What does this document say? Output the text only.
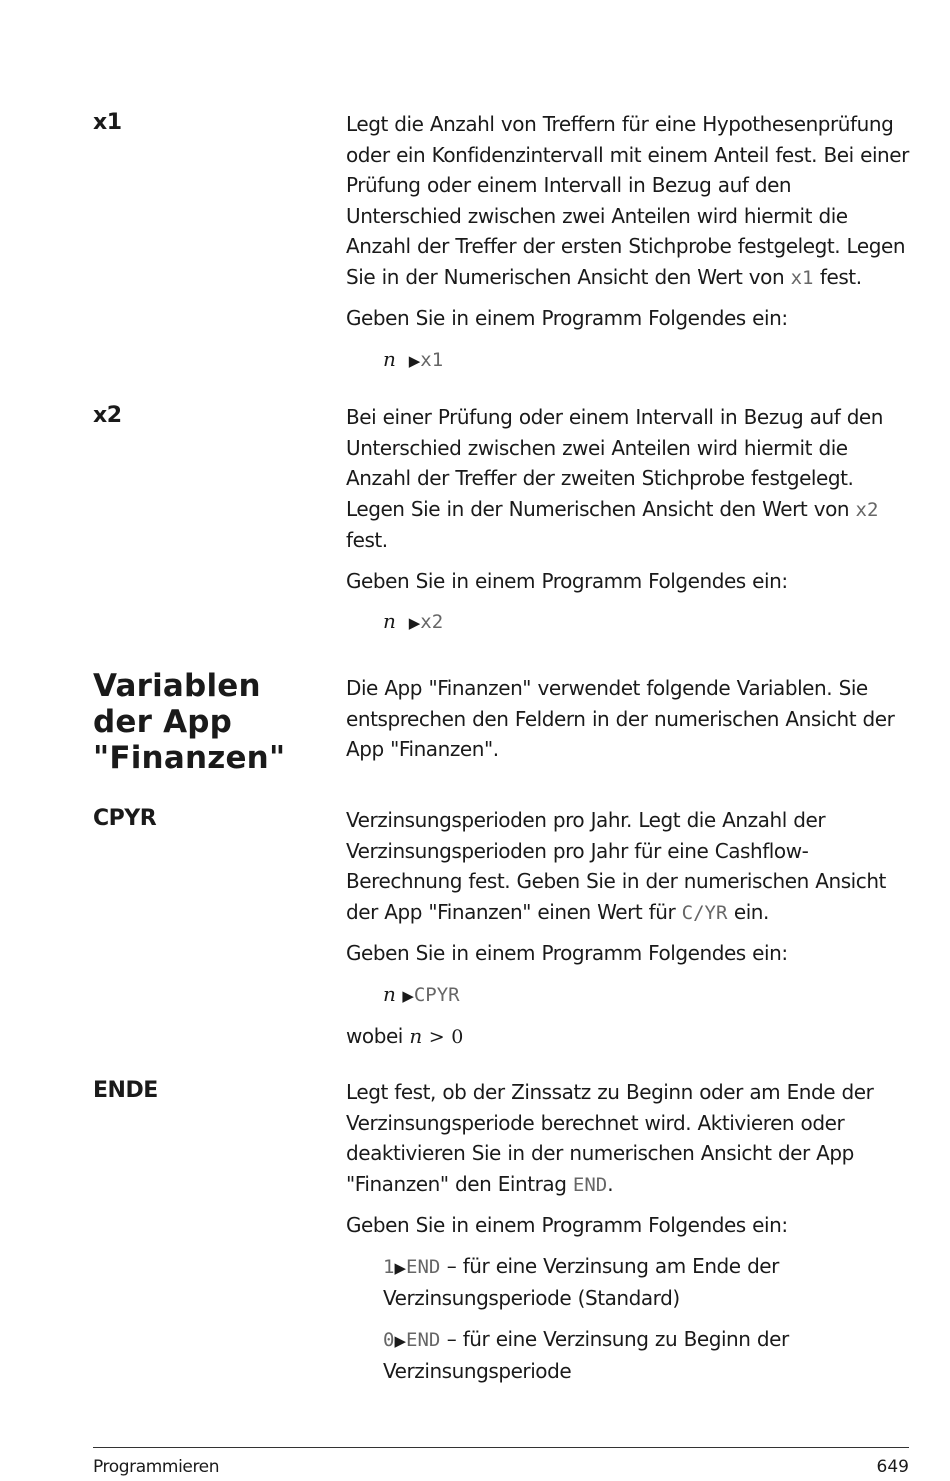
x1	Legt die Anzahl von Treffern für eine Hypothesenprüfung oder ein Konfidenzintervall mit einem Anteil fest. Bei einer Prüfung oder einem Intervall in Bezug auf den Unterschied zwischen zwei Anteilen wird hiermit die Anzahl der Treffer der ersten Stichprobe festgelegt. Legen Sie in der Numerischen Ansicht den Wert von x1 fest.

Geben Sie in einem Programm Folgendes ein:

n ▶x1

x2	Bei einer Prüfung oder einem Intervall in Bezug auf den Unterschied zwischen zwei Anteilen wird hiermit die Anzahl der Treffer der zweiten Stichprobe festgelegt. Legen Sie in der Numerischen Ansicht den Wert von x2 fest.

Geben Sie in einem Programm Folgendes ein:

n ▶x2

Variablen
der App
"Finanzen"

Die App "Finanzen" verwendet folgende Variablen. Sie entsprechen den Feldern in der numerischen Ansicht der App "Finanzen".

CPYR	Verzinsungsperioden pro Jahr. Legt die Anzahl der Verzinsungsperioden pro Jahr für eine Cashflow-Berechnung fest. Geben Sie in der numerischen Ansicht der App "Finanzen" einen Wert für C/YR ein.

Geben Sie in einem Programm Folgendes ein:

n ▶CPYR

wobei n > 0

ENDE	Legt fest, ob der Zinssatz zu Beginn oder am Ende der Verzinsungsperiode berechnet wird. Aktivieren oder deaktivieren Sie in der numerischen Ansicht der App "Finanzen" den Eintrag END.

Geben Sie in einem Programm Folgendes ein:

1▶END – für eine Verzinsung am Ende der Verzinsungsperiode (Standard)

0▶END – für eine Verzinsung zu Beginn der Verzinsungsperiode

Programmieren	649
